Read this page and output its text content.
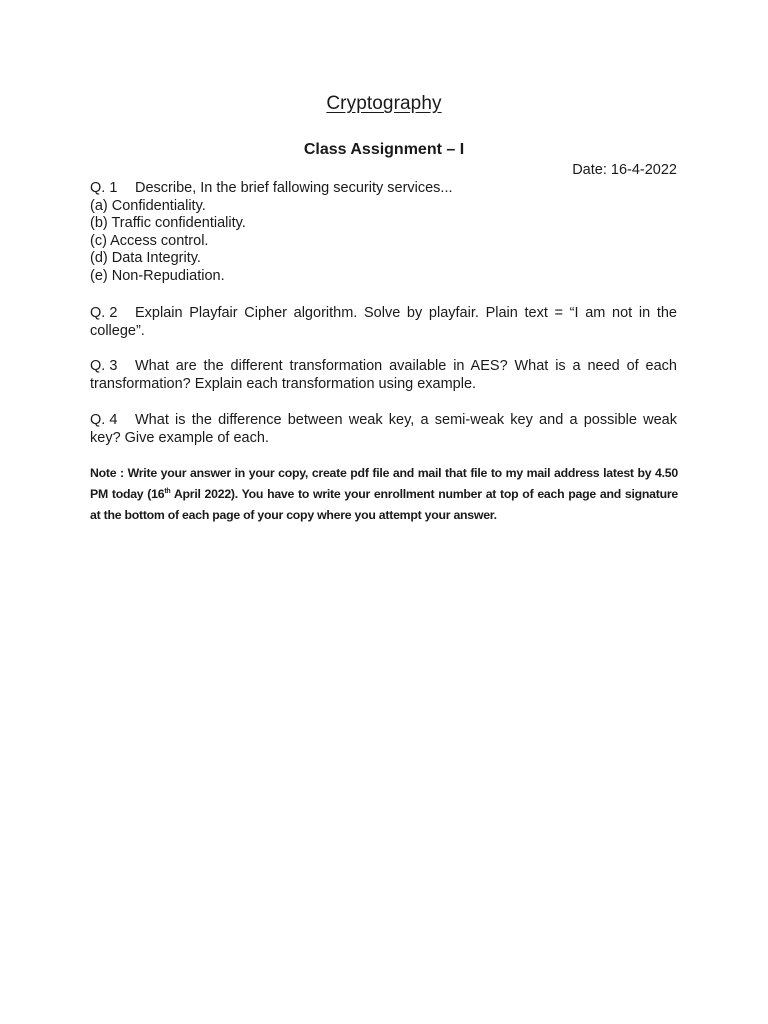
Cryptography
Class Assignment – I
Date: 16-4-2022
Q. 1 Describe, In the brief fallowing security services...
(a) Confidentiality.
(b) Traffic confidentiality.
(c) Access control.
(d) Data Integrity.
(e) Non-Repudiation.
Q. 2 Explain Playfair Cipher algorithm. Solve by playfair. Plain text = “I am not in the college”.
Q. 3 What are the different transformation available in AES? What is a need of each transformation? Explain each transformation using example.
Q. 4 What is the difference between weak key, a semi-weak key and a possible weak key? Give example of each.
Note : Write your answer in your copy, create pdf file and mail that file to my mail address latest by 4.50 PM today (16th April 2022). You have to write your enrollment number at top of each page and signature at the bottom of each page of your copy where you attempt your answer.
